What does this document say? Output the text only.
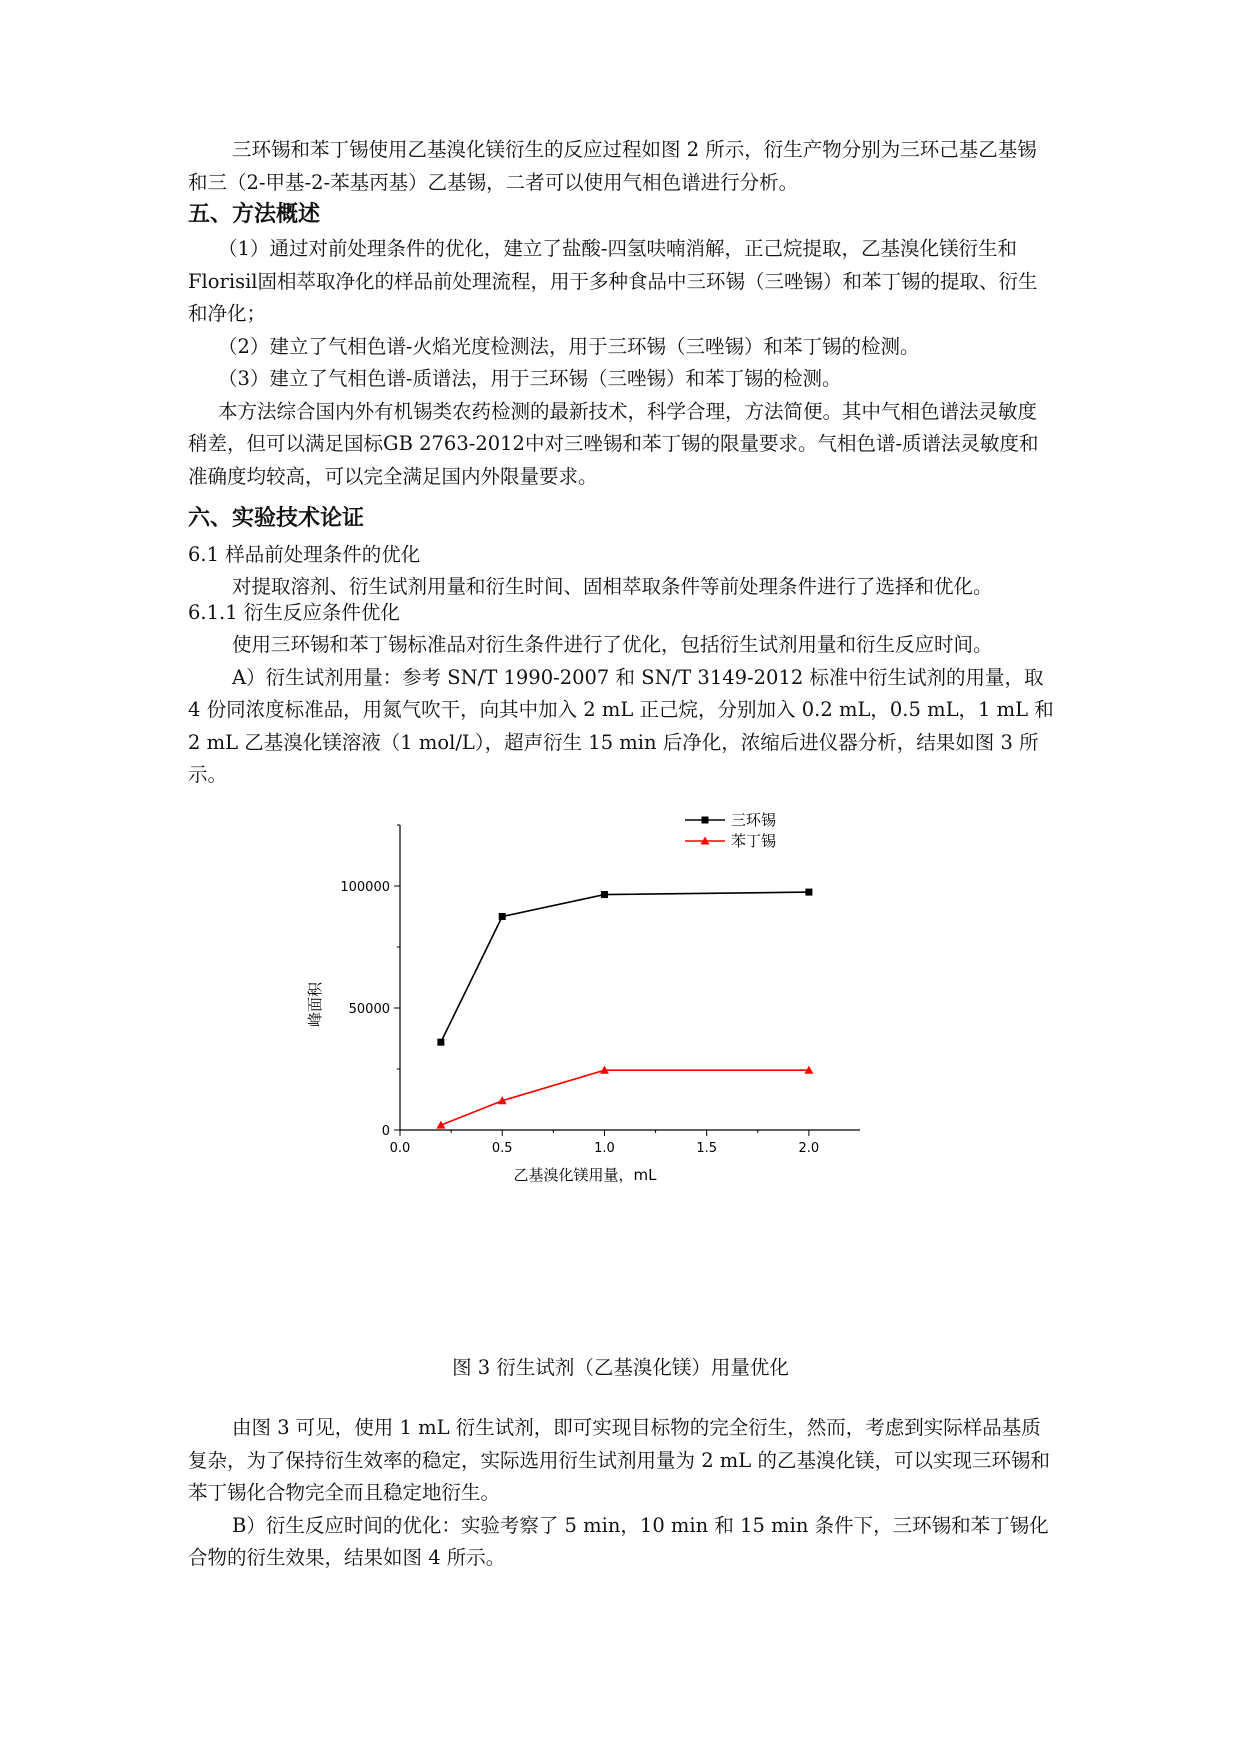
三环锡和苯丁锡使用乙基溴化镁衍生的反应过程如图 2 所示，衍生产物分别为三环己基乙基锡和三（2-甲基-2-苯基丙基）乙基锡，二者可以使用气相色谱进行分析。

五、方法概述

（1）通过对前处理条件的优化，建立了盐酸-四氢呋喃消解，正己烷提取，乙基溴化镁衍生和Florisil固相萃取净化的样品前处理流程，用于多种食品中三环锡（三唑锡）和苯丁锡的提取、衍生和净化；

（2）建立了气相色谱-火焰光度检测法，用于三环锡（三唑锡）和苯丁锡的检测。

（3）建立了气相色谱-质谱法，用于三环锡（三唑锡）和苯丁锡的检测。

本方法综合国内外有机锡类农药检测的最新技术，科学合理，方法简便。其中气相色谱法灵敏度稍差，但可以满足国标GB 2763-2012中对三唑锡和苯丁锡的限量要求。气相色谱-质谱法灵敏度和准确度均较高，可以完全满足国内外限量要求。

六、实验技术论证
6.1 样品前处理条件的优化

对提取溶剂、衍生试剂用量和衍生时间、固相萃取条件等前处理条件进行了选择和优化。

6.1.1 衍生反应条件优化

使用三环锡和苯丁锡标准品对衍生条件进行了优化，包括衍生试剂用量和衍生反应时间。

A）衍生试剂用量：参考 SN/T 1990-2007 和 SN/T 3149-2012 标准中衍生试剂的用量，取 4 份同浓度标准品，用氮气吹干，向其中加入 2 mL 正己烷，分别加入 0.2 mL，0.5 mL，1 mL 和 2 mL 乙基溴化镁溶液（1 mol/L），超声衍生 15 min 后净化，浓缩后进仪器分析，结果如图 3 所示。

0.0	0.5	1.0	1.5	2.0
0
50000
100000
乙基溴化镁用量，mL
峰面积
三环锡
苯丁锡
图 3 衍生试剂（乙基溴化镁）用量优化

由图 3 可见，使用 1 mL 衍生试剂，即可实现目标物的完全衍生，然而，考虑到实际样品基质复杂，为了保持衍生效率的稳定，实际选用衍生试剂用量为 2 mL 的乙基溴化镁，可以实现三环锡和苯丁锡化合物完全而且稳定地衍生。

B）衍生反应时间的优化：实验考察了 5 min，10 min 和 15 min 条件下，三环锡和苯丁锡化合物的衍生效果，结果如图 4 所示。
